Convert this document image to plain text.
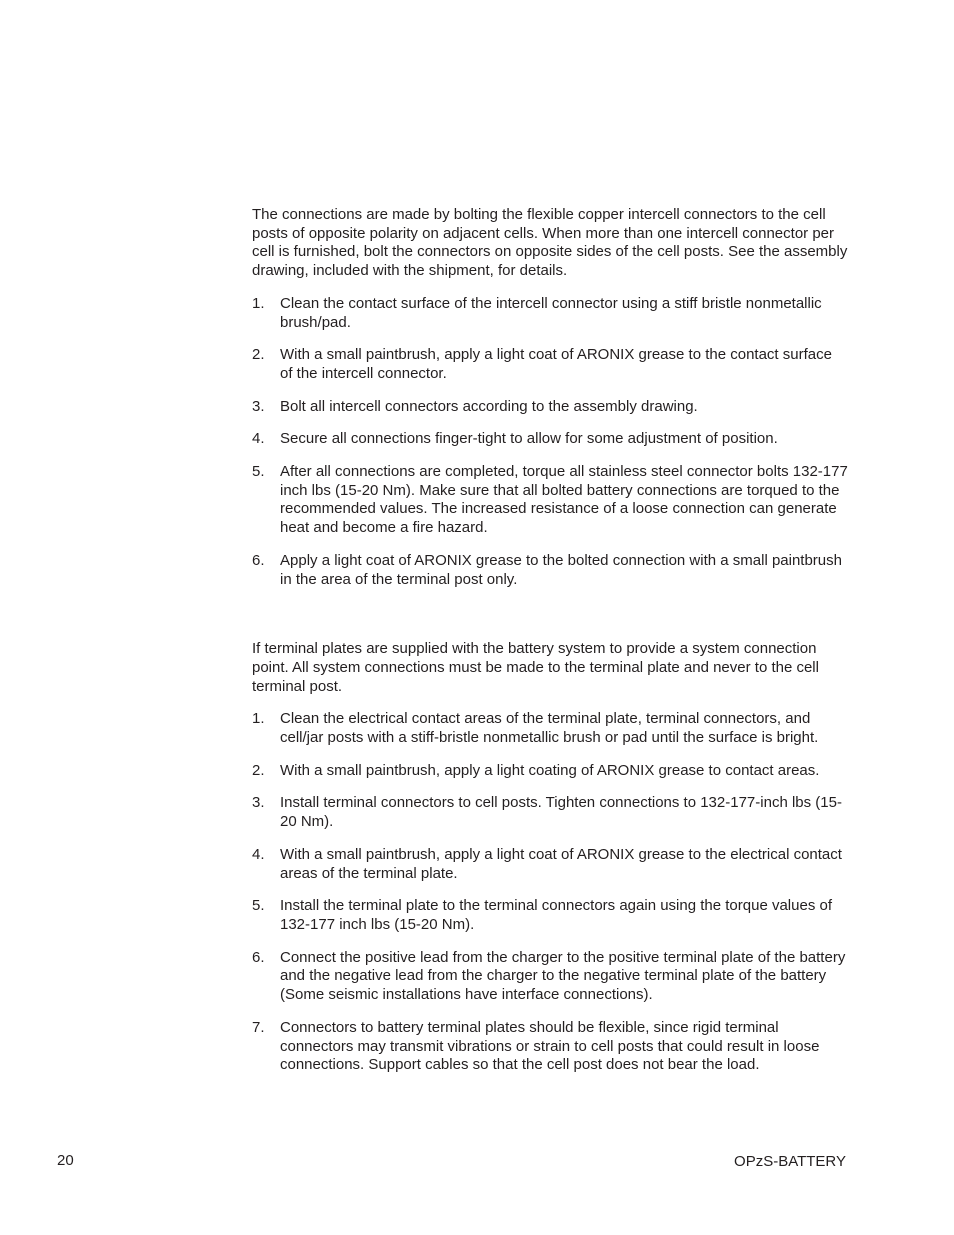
The connections are made by bolting the flexible copper intercell connectors to the cell posts of opposite polarity on adjacent cells. When more than one intercell connector per cell is furnished, bolt the connectors on opposite sides of the cell posts. See the assembly drawing, included with the shipment, for details.

1. Clean the contact surface of the intercell connector using a stiff bristle nonmetallic brush/pad.
2. With a small paintbrush, apply a light coat of ARONIX grease to the contact surface of the intercell connector.
3. Bolt all intercell connectors according to the assembly drawing.
4. Secure all connections finger-tight to allow for some adjustment of position.
5. After all connections are completed, torque all stainless steel connector bolts 132-177 inch lbs (15-20 Nm). Make sure that all bolted battery connections are torqued to the recommended values. The increased resistance of a loose connection can generate heat and become a fire hazard.
6. Apply a light coat of ARONIX grease to the bolted connection with a small paintbrush in the area of the terminal post only.

If terminal plates are supplied with the battery system to provide a system connection point. All system connections must be made to the terminal plate and never to the cell terminal post.

1. Clean the electrical contact areas of the terminal plate, terminal connectors, and cell/jar posts with a stiff-bristle nonmetallic brush or pad until the surface is bright.
2. With a small paintbrush, apply a light coating of ARONIX grease to contact areas.
3. Install terminal connectors to cell posts. Tighten connections to 132-177-inch lbs (15-20 Nm).
4. With a small paintbrush, apply a light coat of ARONIX grease to the electrical contact areas of the terminal plate.
5. Install the terminal plate to the terminal connectors again using the torque values of 132-177 inch lbs (15-20 Nm).
6. Connect the positive lead from the charger to the positive terminal plate of the battery and the negative lead from the charger to the negative terminal plate of the battery (Some seismic installations have interface connections).
7. Connectors to battery terminal plates should be flexible, since rigid terminal connectors may transmit vibrations or strain to cell posts that could result in loose connections. Support cables so that the cell post does not bear the load.
20	OPzS-BATTERY
